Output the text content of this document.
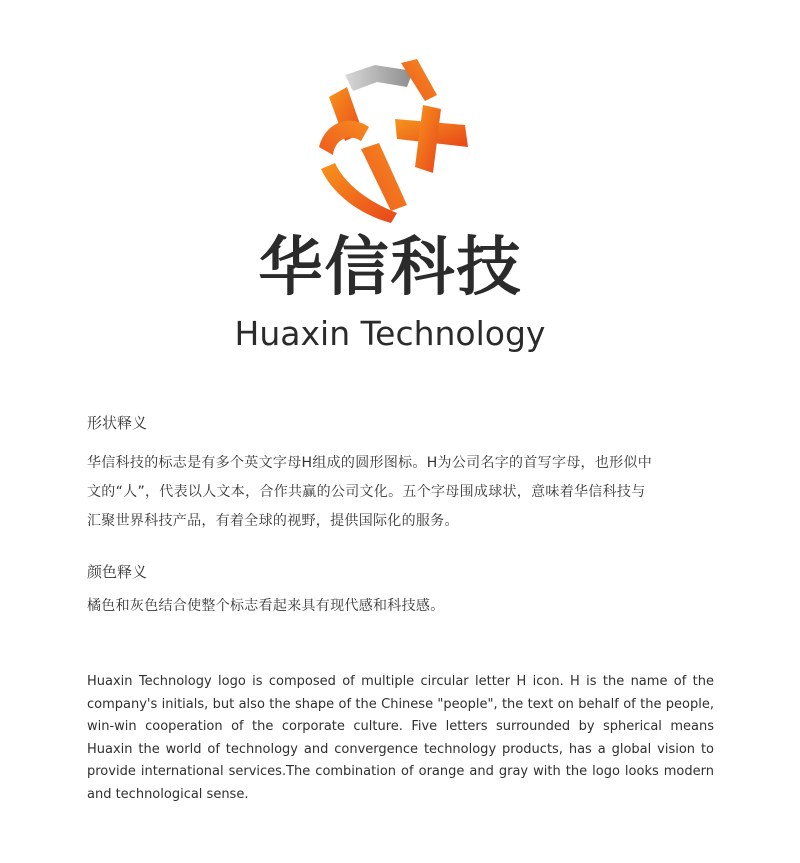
华信科技
Huaxin Technology
形状释义
华信科技的标志是有多个英文字母H组成的圆形图标。H为公司名字的首写字母，也形似中
文的“人”，代表以人文本，合作共赢的公司文化。五个字母围成球状，意味着华信科技与
汇聚世界科技产品，有着全球的视野，提供国际化的服务。
颜色释义
橘色和灰色结合使整个标志看起来具有现代感和科技感。
Huaxin Technology logo is composed of multiple circular letter H icon. H is the name of the company's initials, but also the shape of the Chinese "people", the text on behalf of the people, win-win cooperation of the corporate culture. Five letters surrounded by spherical means Huaxin the world of technology and convergence technology products, has a global vision to provide international services.The combination of orange and gray with the logo looks modern and technological sense.
